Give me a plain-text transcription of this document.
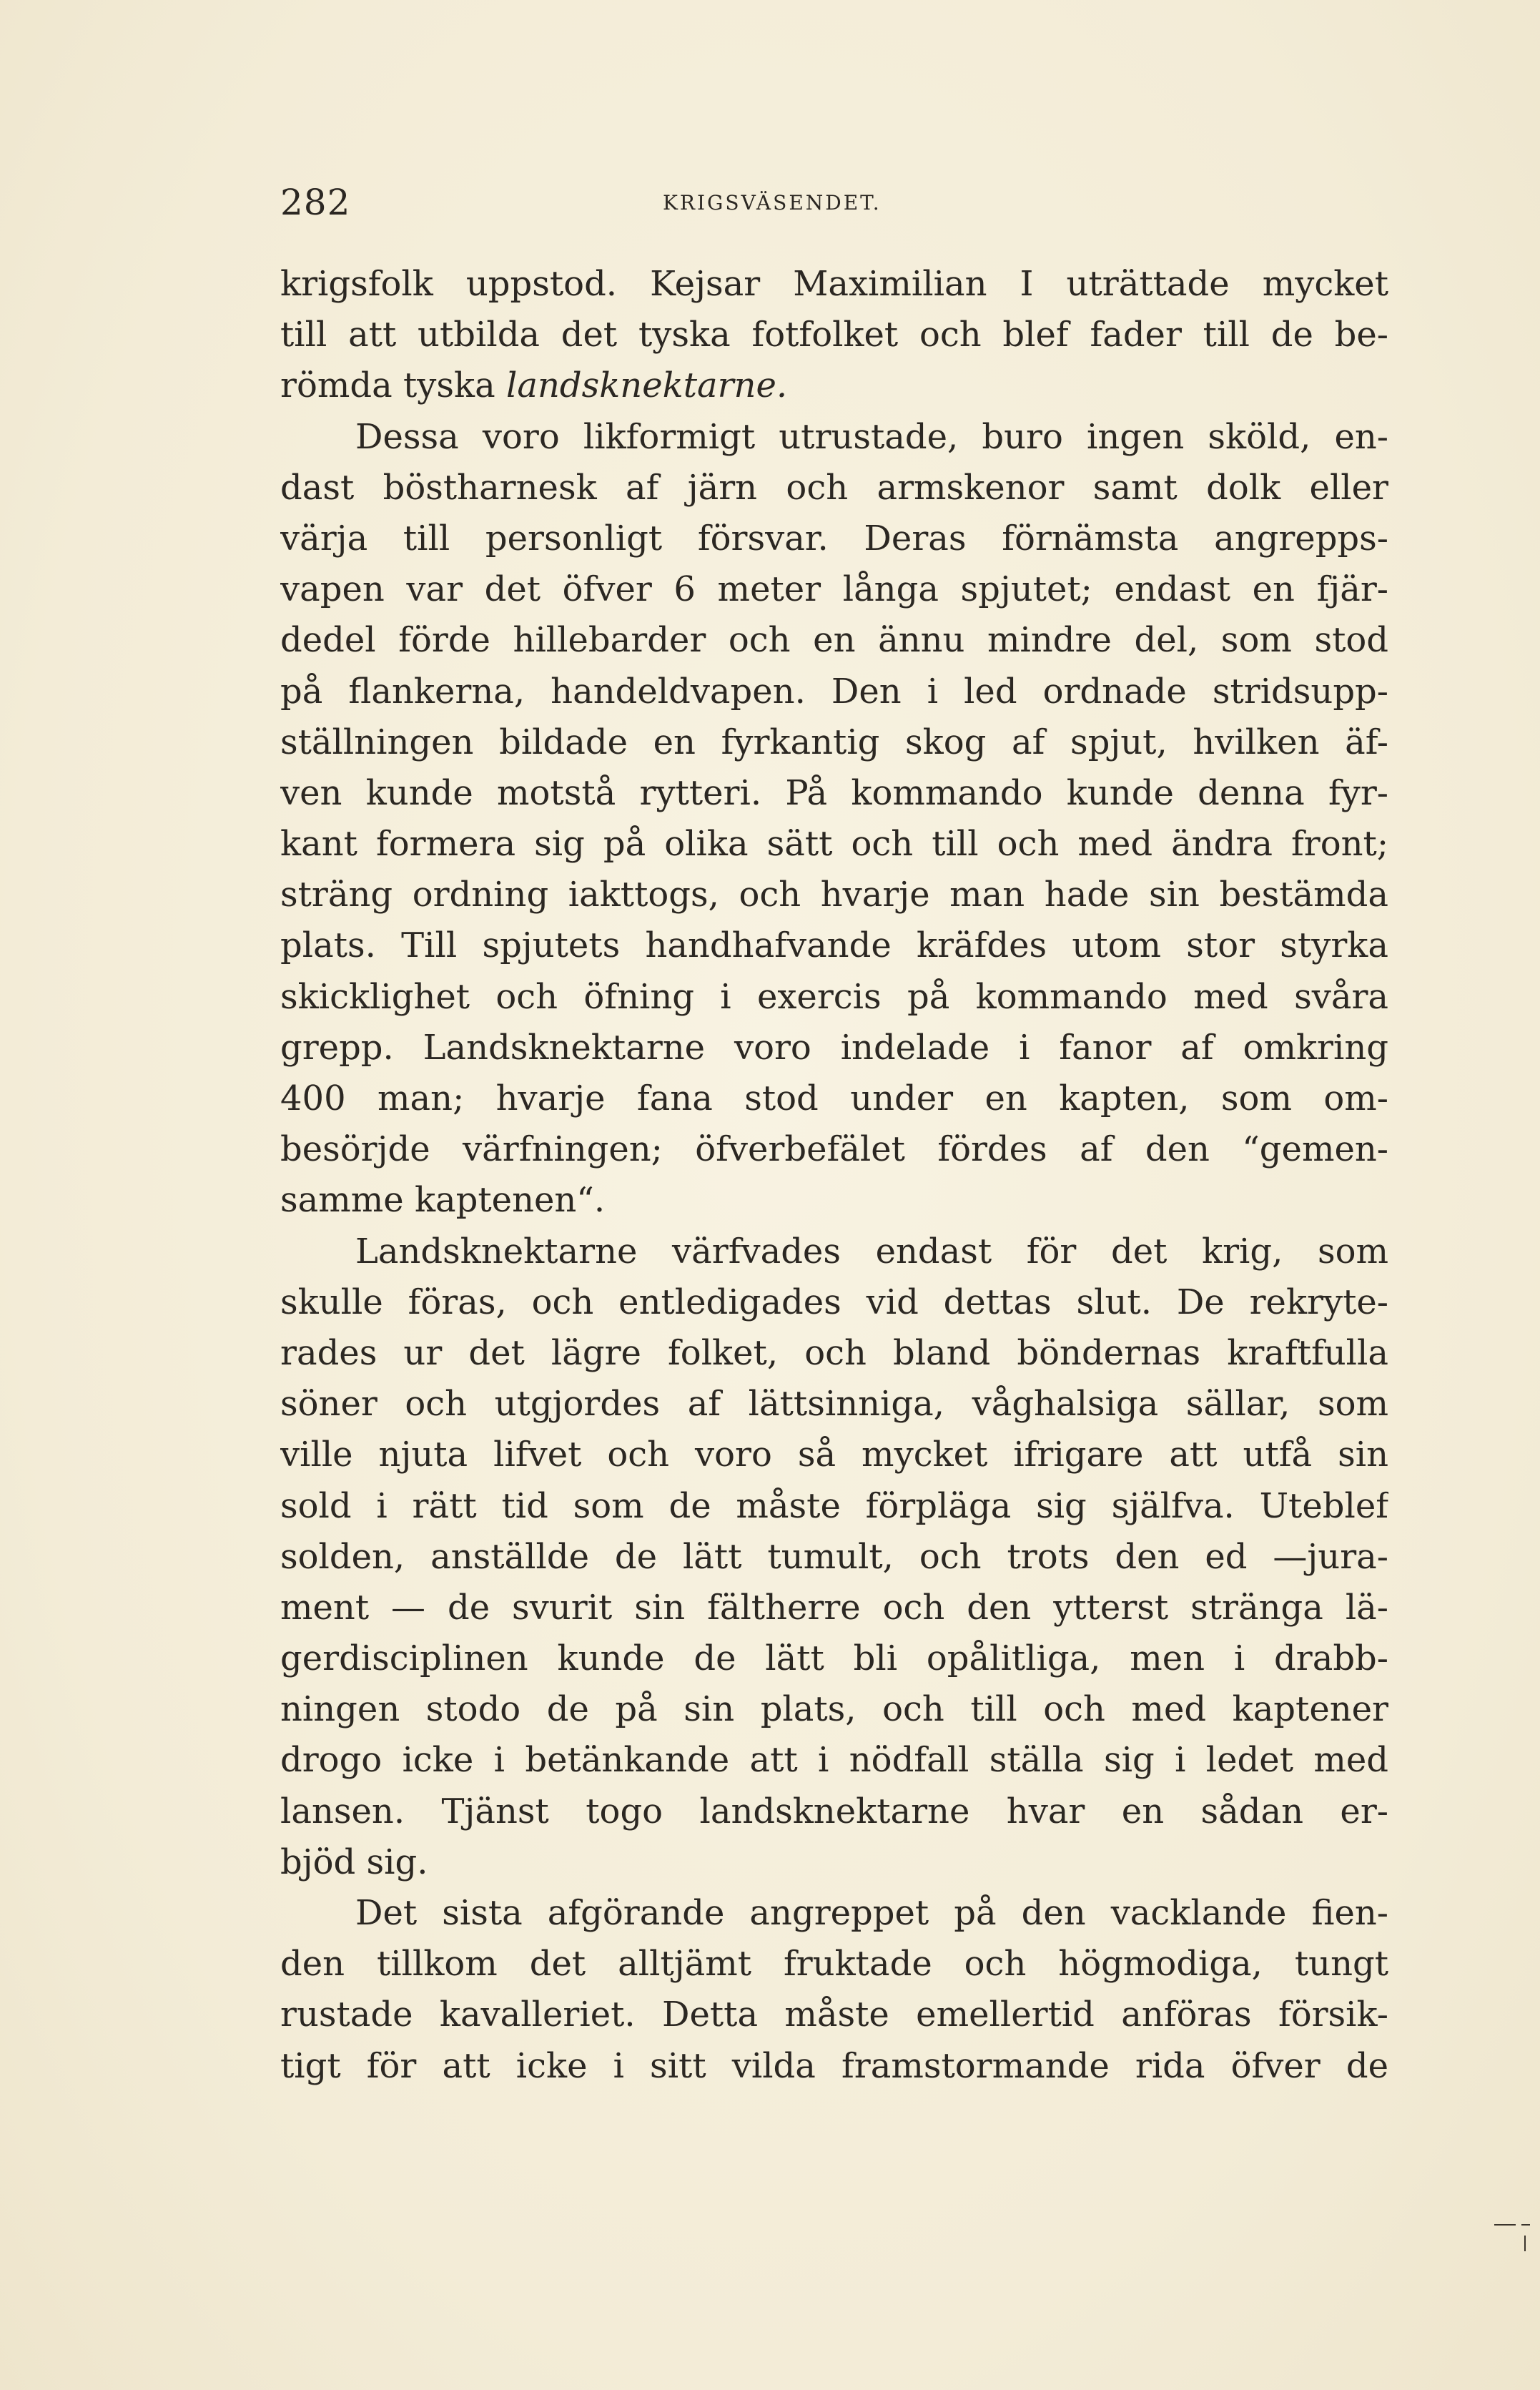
282	KRIGSVÄSENDET.
krigsfolk uppstod. Kejsar Maximilian I uträttade mycket
till att utbilda det tyska fotfolket och blef fader till de be-
römda tyska landsknektarne.
Dessa voro likformigt utrustade, buro ingen sköld, en-
dast böstharnesk af järn och armskenor samt dolk eller
värja till personligt försvar. Deras förnämsta angrepps-
vapen var det öfver 6 meter långa spjutet; endast en fjär-
dedel förde hillebarder och en ännu mindre del, som stod
på flankerna, handeldvapen. Den i led ordnade stridsupp-
ställningen bildade en fyrkantig skog af spjut, hvilken äf-
ven kunde motstå rytteri. På kommando kunde denna fyr-
kant formera sig på olika sätt och till och med ändra front;
sträng ordning iakttogs, och hvarje man hade sin bestämda
plats. Till spjutets handhafvande kräfdes utom stor styrka
skicklighet och öfning i exercis på kommando med svåra
grepp. Landsknektarne voro indelade i fanor af omkring
400 man; hvarje fana stod under en kapten, som om-
besörjde värfningen; öfverbefälet fördes af den “gemen-
samme kaptenen“.
Landsknektarne värfvades endast för det krig, som
skulle föras, och entledigades vid dettas slut. De rekryte-
rades ur det lägre folket, och bland böndernas kraftfulla
söner och utgjordes af lättsinniga, våghalsiga sällar, som
ville njuta lifvet och voro så mycket ifrigare att utfå sin
sold i rätt tid som de måste förpläga sig själfva. Uteblef
solden, anställde de lätt tumult, och trots den ed —jura-
ment — de svurit sin fältherre och den ytterst stränga lä-
gerdisciplinen kunde de lätt bli opålitliga, men i drabb-
ningen stodo de på sin plats, och till och med kaptener
drogo icke i betänkande att i nödfall ställa sig i ledet med
lansen. Tjänst togo landsknektarne hvar en sådan er-
bjöd sig.
Det sista afgörande angreppet på den vacklande fien-
den tillkom det alltjämt fruktade och högmodiga, tungt
rustade kavalleriet. Detta måste emellertid anföras försik-
tigt för att icke i sitt vilda framstormande rida öfver de
